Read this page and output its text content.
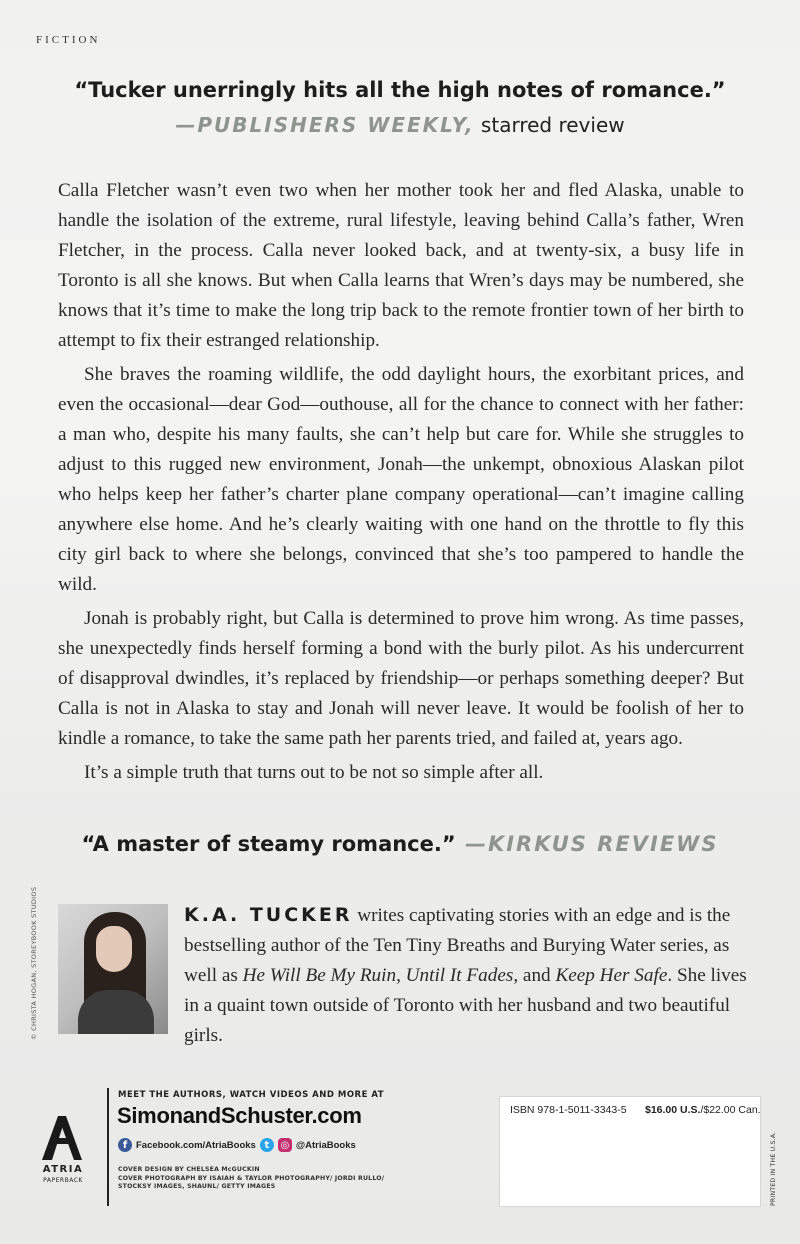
FICTION
“Tucker unerringly hits all the high notes of romance.”
—PUBLISHERS WEEKLY, starred review

Calla Fletcher wasn’t even two when her mother took her and fled Alaska, unable to handle the isolation of the extreme, rural lifestyle, leaving behind Calla’s father, Wren Fletcher, in the process. Calla never looked back, and at twenty-six, a busy life in Toronto is all she knows. But when Calla learns that Wren’s days may be numbered, she knows that it’s time to make the long trip back to the remote frontier town of her birth to attempt to fix their estranged relationship.

She braves the roaming wildlife, the odd daylight hours, the exorbitant prices, and even the occasional—dear God—outhouse, all for the chance to connect with her father: a man who, despite his many faults, she can’t help but care for. While she struggles to adjust to this rugged new environment, Jonah—the unkempt, obnoxious Alaskan pilot who helps keep her father’s charter plane company operational—can’t imagine calling anywhere else home. And he’s clearly waiting with one hand on the throttle to fly this city girl back to where she belongs, convinced that she’s too pampered to handle the wild.

Jonah is probably right, but Calla is determined to prove him wrong. As time passes, she unexpectedly finds herself forming a bond with the burly pilot. As his undercurrent of disapproval dwindles, it’s replaced by friendship—or perhaps something deeper? But Calla is not in Alaska to stay and Jonah will never leave. It would be foolish of her to kindle a romance, to take the same path her parents tried, and failed at, years ago.

It’s a simple truth that turns out to be not so simple after all.

“A master of steamy romance.” —KIRKUS REVIEWS
© CHRISTA HOGAN, STOREYBOOK STUDIOS	K.A. TUCKER writes captivating stories with an edge and is the bestselling author of the Ten Tiny Breaths and Burying Water series, as well as He Will Be My Ruin, Until It Fades, and Keep Her Safe. She lives in a quaint town outside of Toronto with her husband and two beautiful girls.
ATRIA
PAPERBACK
MEET THE AUTHORS, WATCH VIDEOS AND MORE AT
SimonandSchuster.com
f Facebook.com/AtriaBooks t	◎ @AtriaBooks
COVER DESIGN BY CHELSEA McGUCKIN
COVER PHOTOGRAPH BY ISAIAH & TAYLOR PHOTOGRAPHY/ JORDI RULLO/
STOCKSY IMAGES, SHAUNL/ GETTY IMAGES
ISBN 978-1-5011-3343-5 $16.00 U.S./$22.00 Can.
PRINTED IN THE U.S.A.
